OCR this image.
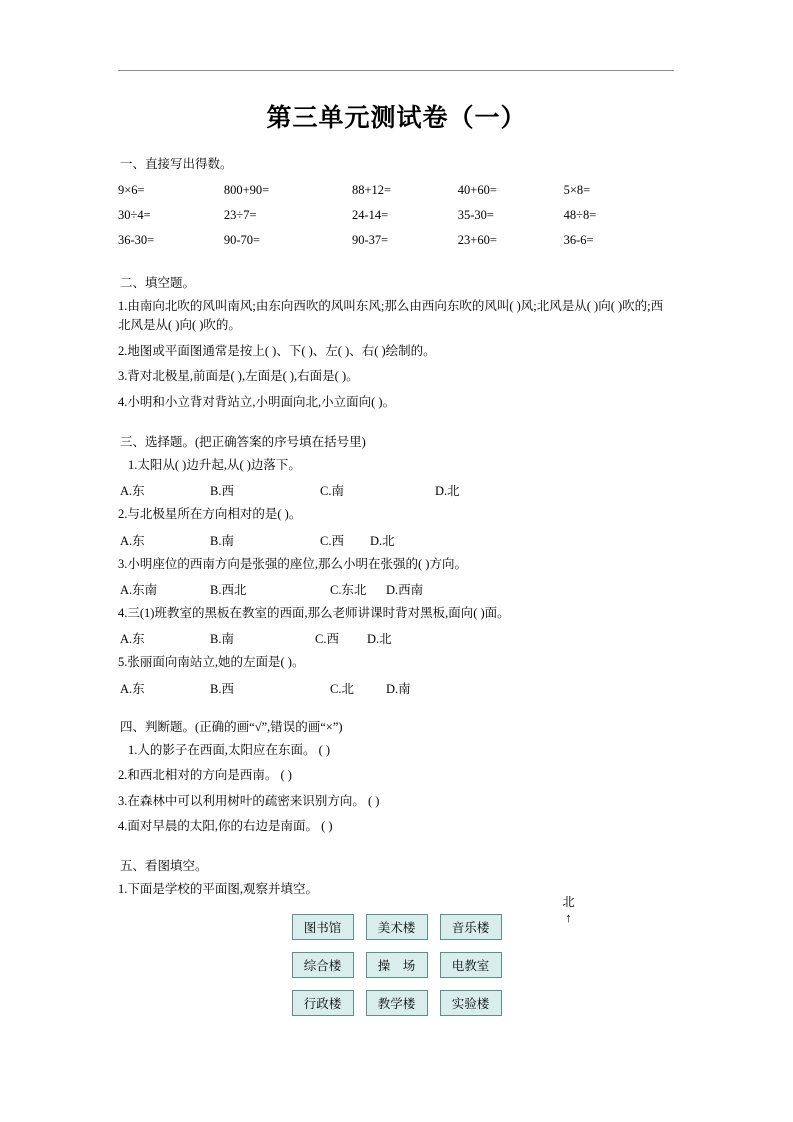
第三单元测试卷（一）
一、直接写出得数。
9×6=	800+90=	88+12=	40+60=	5×8=
30÷4=	23÷7=	24-14=	35-30=	48÷8=
36-30=	90-70=	90-37=	23+60=	36-6=
二、填空题。
1.由南向北吹的风叫南风;由东向西吹的风叫东风;那么由西向东吹的风叫( )风;北风是从( )向( )吹的;西北风是从( )向( )吹的。
2.地图或平面图通常是按上( )、下( )、左( )、右( )绘制的。
3.背对北极星,前面是( ),左面是( ),右面是( )。
4.小明和小立背对背站立,小明面向北,小立面向( )。
三、选择题。(把正确答案的序号填在括号里)
1.太阳从( )边升起,从( )边落下。
A.东	B.西	C.南	D.北
2.与北极星所在方向相对的是( )。
A.东	B.南	C.西	D.北
3.小明座位的西南方向是张强的座位,那么小明在张强的( )方向。
A.东南	B.西北	C.东北	D.西南
4.三(1)班教室的黑板在教室的西面,那么老师讲课时背对黑板,面向( )面。
A.东	B.南	C.西	D.北
5.张丽面向南站立,她的左面是( )。
A.东	B.西	C.北	D.南
四、判断题。(正确的画“√”,错误的画“×”)
1.人的影子在西面,太阳应在东面。 ( )
2.和西北相对的方向是西南。 ( )
3.在森林中可以利用树叶的疏密来识别方向。 ( )
4.面对早晨的太阳,你的右边是南面。 ( )
五、看图填空。
1.下面是学校的平面图,观察并填空。
北
↑
图书馆	美术楼	音乐楼
综合楼	操　场	电教室
行政楼	教学楼	实验楼
